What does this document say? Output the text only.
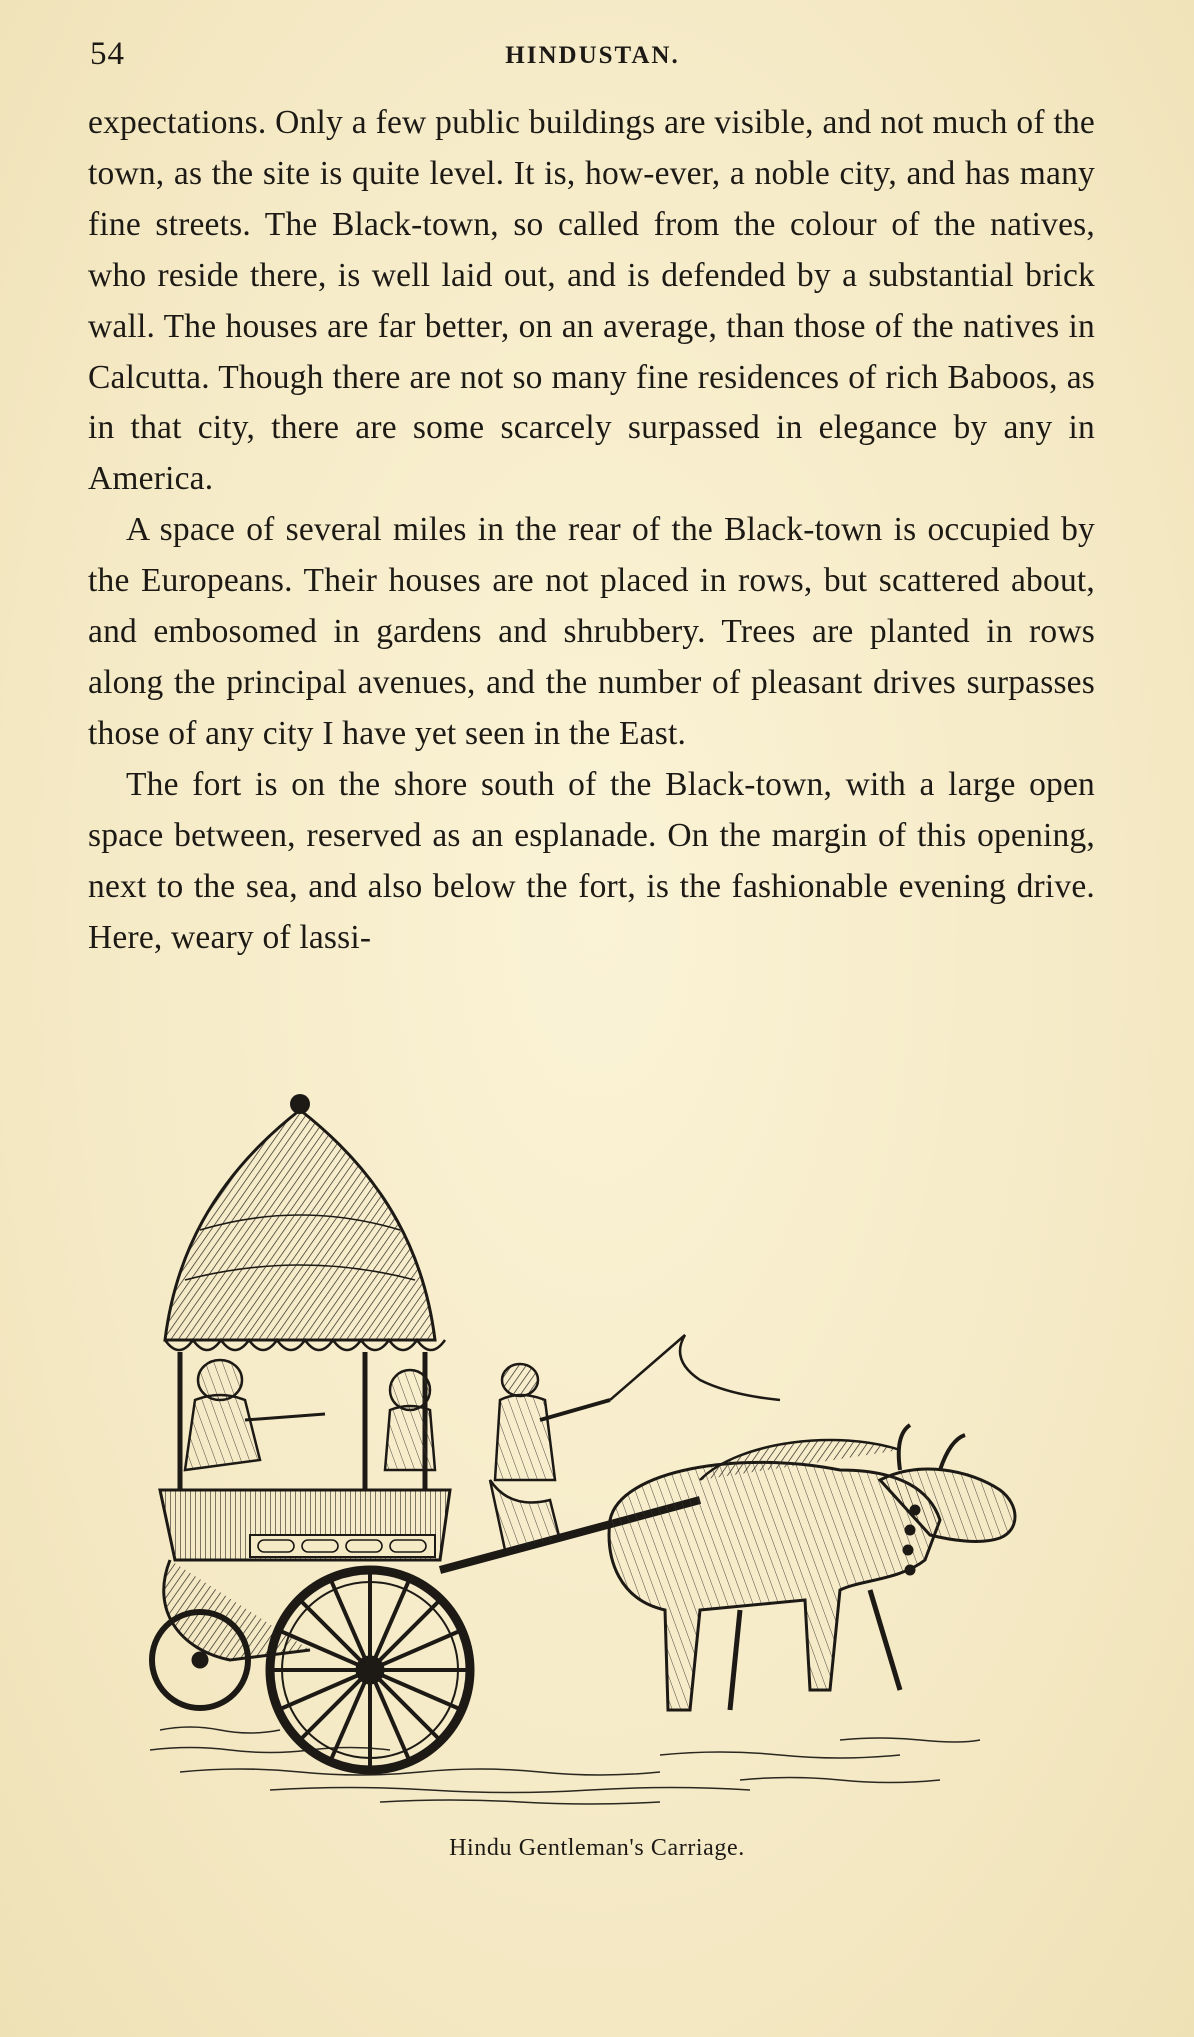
54	HINDUSTAN.

expectations. Only a few public buildings are visible, and not much of the town, as the site is quite level. It is, how-ever, a noble city, and has many fine streets. The Black-town, so called from the colour of the natives, who reside there, is well laid out, and is defended by a substantial brick wall. The houses are far better, on an average, than those of the natives in Calcutta. Though there are not so many fine residences of rich Baboos, as in that city, there are some scarcely surpassed in elegance by any in America.

A space of several miles in the rear of the Black-town is occupied by the Europeans. Their houses are not placed in rows, but scattered about, and embosomed in gardens and shrubbery. Trees are planted in rows along the principal avenues, and the number of pleasant drives surpasses those of any city I have yet seen in the East.

The fort is on the shore south of the Black-town, with a large open space between, reserved as an esplanade. On the margin of this opening, next to the sea, and also below the fort, is the fashionable evening drive. Here, weary of lassi-

Hindu Gentleman's Carriage.
